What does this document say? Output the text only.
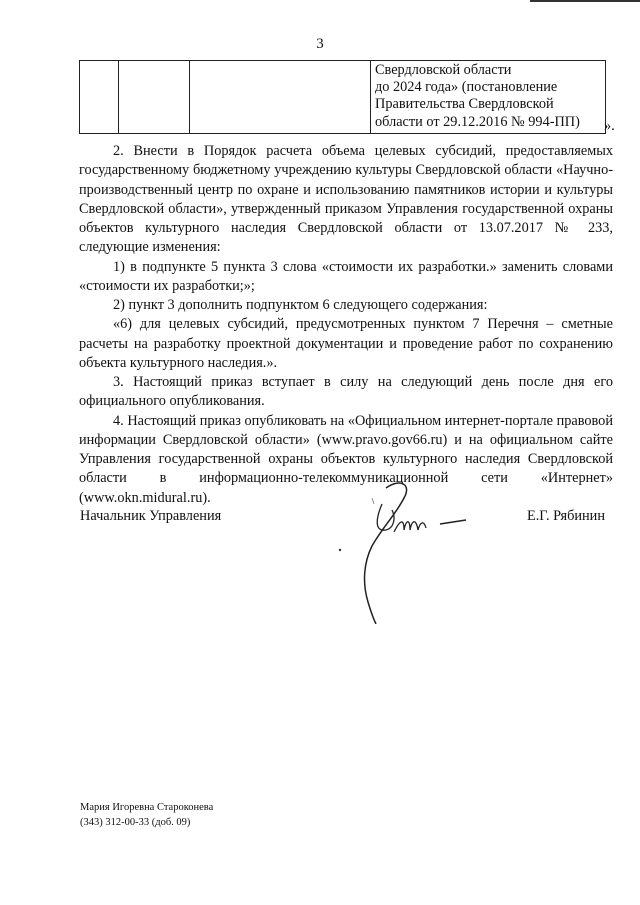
3

Свердловской области
до 2024 года» (постановление
Правительства Свердловской
области от 29.12.2016 № 994-ПП)	».

2. Внести в Порядок расчета объема целевых субсидий, предоставляемых государственному бюджетному учреждению культуры Свердловской области «Научно-производственный центр по охране и использованию памятников истории и культуры Свердловской области», утвержденный приказом Управления государственной охраны объектов культурного наследия Свердловской области от 13.07.2017 № 233, следующие изменения:

1) в подпункте 5 пункта 3 слова «стоимости их разработки.» заменить словами «стоимости их разработки;»;

2) пункт 3 дополнить подпунктом 6 следующего содержания:

«6) для целевых субсидий, предусмотренных пунктом 7 Перечня – сметные расчеты на разработку проектной документации и проведение работ по сохранению объекта культурного наследия.».

3. Настоящий приказ вступает в силу на следующий день после дня его официального опубликования.

4. Настоящий приказ опубликовать на «Официальном интернет-портале правовой информации Свердловской области» (www.pravo.gov66.ru) и на официальном сайте Управления государственной охраны объектов культурного наследия Свердловской области в информационно-телекоммуникационной сети «Интернет» (www.okn.midural.ru).

Начальник Управления	Е.Г. Рябинин
Мария Игоревна Староконева
(343) 312-00-33 (доб. 09)
